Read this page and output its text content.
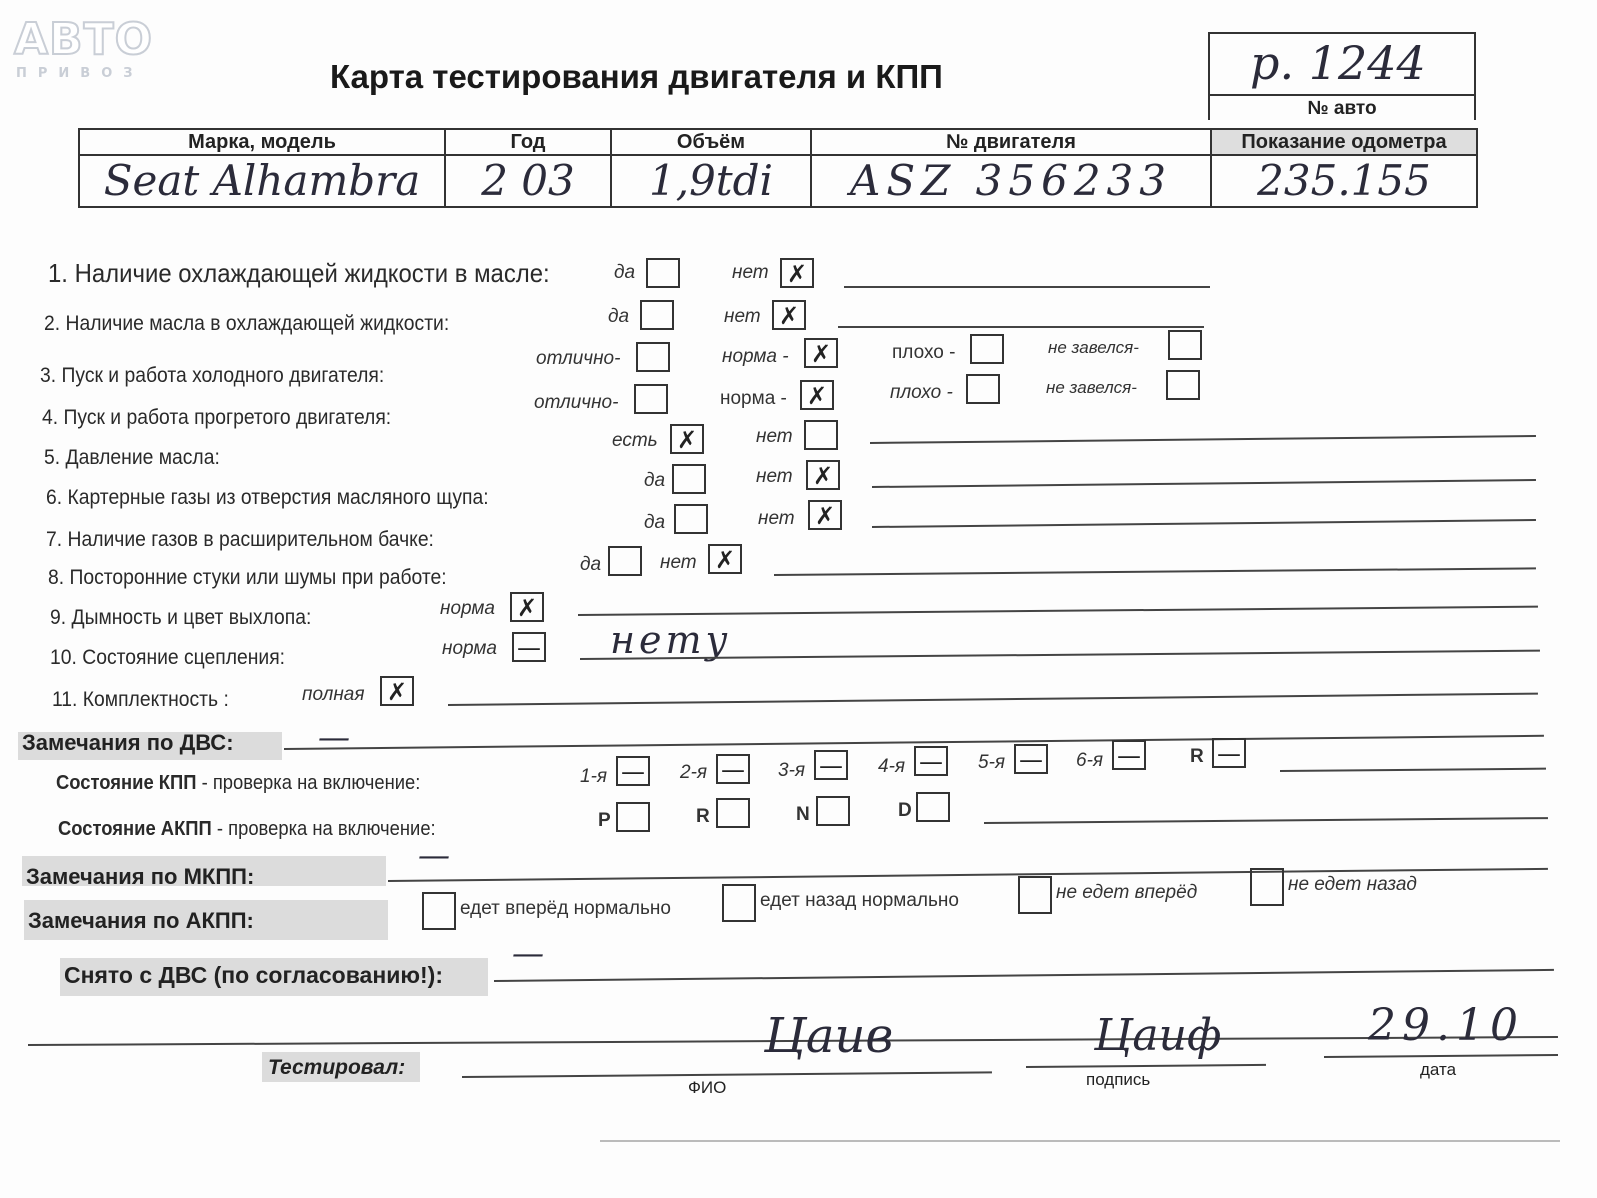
АВТО
ПРИВОЗ	Карта тестирования двигателя и КПП	р. 1244
№ авто
Марка, модель	Год	Объём	№ двигателя	Показание одометра

Seat Alhambra	2 03	1,9tdi	ASZ 356233	235.155
1. Наличие охлаждающей жидкости в масле:	да	нет ✗
2. Наличие масла в охлаждающей жидкости:	да	нет ✗
3. Пуск и работа холодного двигателя:
отлично-	норма - ✗	плохо -	не завелся-
4. Пуск и работа прогретого двигателя:
отлично-	норма - ✗	плохо -	не завелся-
5. Давление масла:
есть ✗	нет
6. Картерные газы из отверстия масляного щупа:
да	нет ✗
7. Наличие газов в расширительном бачке:
да	нет ✗
8. Посторонние стуки или шумы при работе:
да	нет ✗
9. Дымность и цвет выхлопа:	норма ✗
10. Состояние сцепления:	норма — нету
11. Комплектность :	полная ✗
Замечания по ДВС:	—
Состояние КПП - проверка на включение:	1-я — 2-я — 3-я — 4-я — 5-я — 6-я —	R —
Состояние АКПП - проверка на включение:	P	R	N	D
—
Замечания по МКПП:
Замечания по АКПП:	едет вперёд нормально	едет назад нормально	не едет вперёд	не едет назад
Снято с ДВС (по согласованию!):
—
Тестировал:
Цаив
ФИО
Цаиф
подпись
29.10
дата
